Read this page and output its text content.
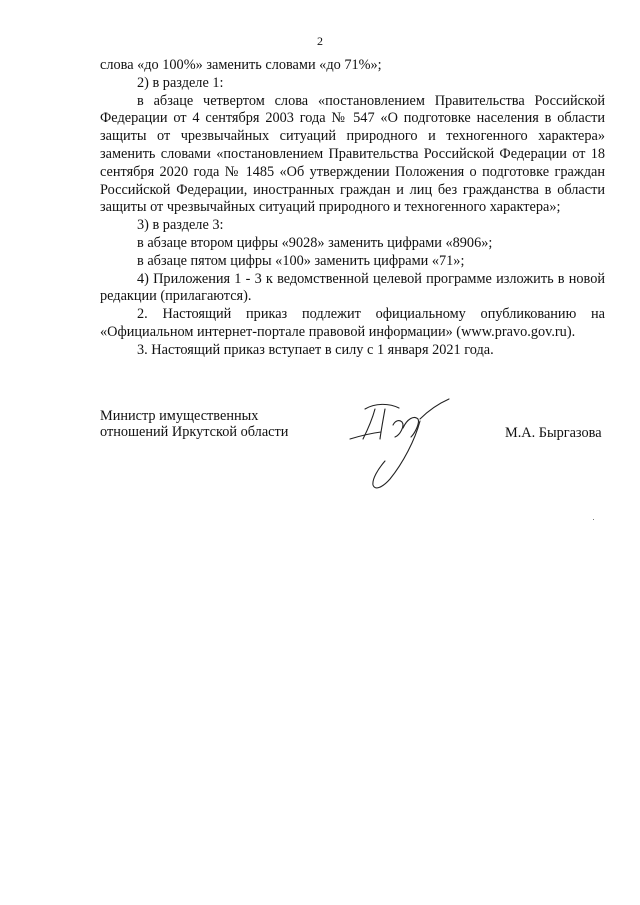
2

слова «до 100%» заменить словами «до 71%»;

2) в разделе 1:

в абзаце четвертом слова «постановлением Правительства Российской Федерации от 4 сентября 2003 года № 547 «О подготовке населения в области защиты от чрезвычайных ситуаций природного и техногенного характера» заменить словами «постановлением Правительства Российской Федерации от 18 сентября 2020 года № 1485 «Об утверждении Положения о подготовке граждан Российской Федерации, иностранных граждан и лиц без гражданства в области защиты от чрезвычайных ситуаций природного и техногенного характера»;

3) в разделе 3:

в абзаце втором цифры «9028» заменить цифрами «8906»;

в абзаце пятом цифры «100» заменить цифрами «71»;

4) Приложения 1 - 3 к ведомственной целевой программе изложить в новой редакции (прилагаются).

2. Настоящий приказ подлежит официальному опубликованию на «Официальном интернет-портале правовой информации» (www.pravo.gov.ru).

3. Настоящий приказ вступает в силу с 1 января 2021 года.

Министр имущественных
отношений Иркутской области	М.А. Быргазова
